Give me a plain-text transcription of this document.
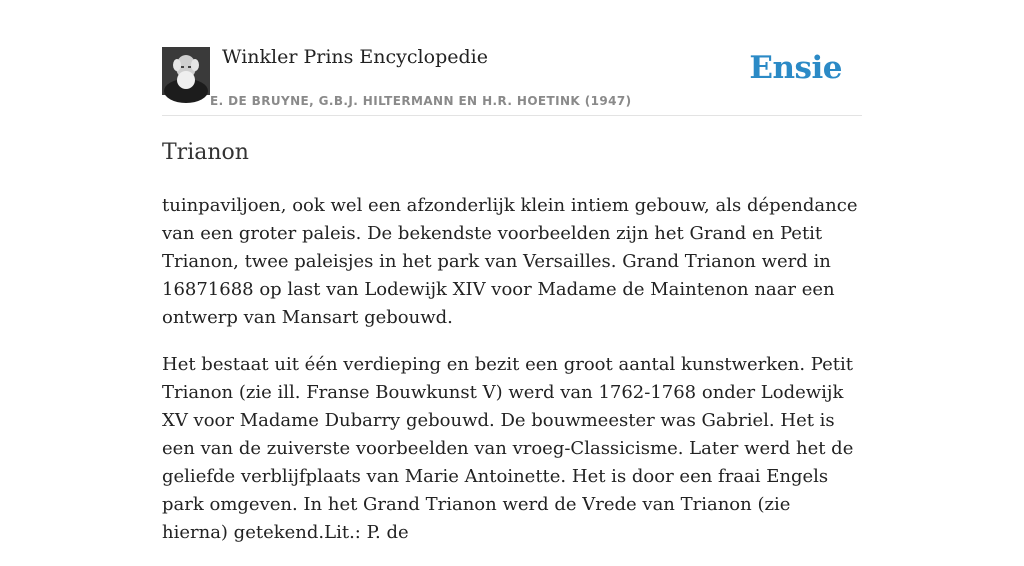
Winkler Prins Encyclopedie
E. DE BRUYNE, G.B.J. HILTERMANN EN H.R. HOETINK (1947)
Ensie
Trianon

tuinpaviljoen, ook wel een afzonderlijk klein intiem gebouw, als dépendance van een groter paleis. De bekendste voorbeelden zijn het Grand en Petit Trianon, twee paleisjes in het park van Versailles. Grand Trianon werd in 16871688 op last van Lodewijk XIV voor Madame de Maintenon naar een ontwerp van Mansart gebouwd.

Het bestaat uit één verdieping en bezit een groot aantal kunstwerken. Petit Trianon (zie ill. Franse Bouwkunst V) werd van 1762-1768 onder Lodewijk XV voor Madame Dubarry gebouwd. De bouwmeester was Gabriel. Het is een van de zuiverste voorbeelden van vroeg-Classicisme. Later werd het de geliefde verblijfplaats van Marie Antoinette. Het is door een fraai Engels park omgeven. In het Grand Trianon werd de Vrede van Trianon (zie hierna) getekend.Lit.: P. de
